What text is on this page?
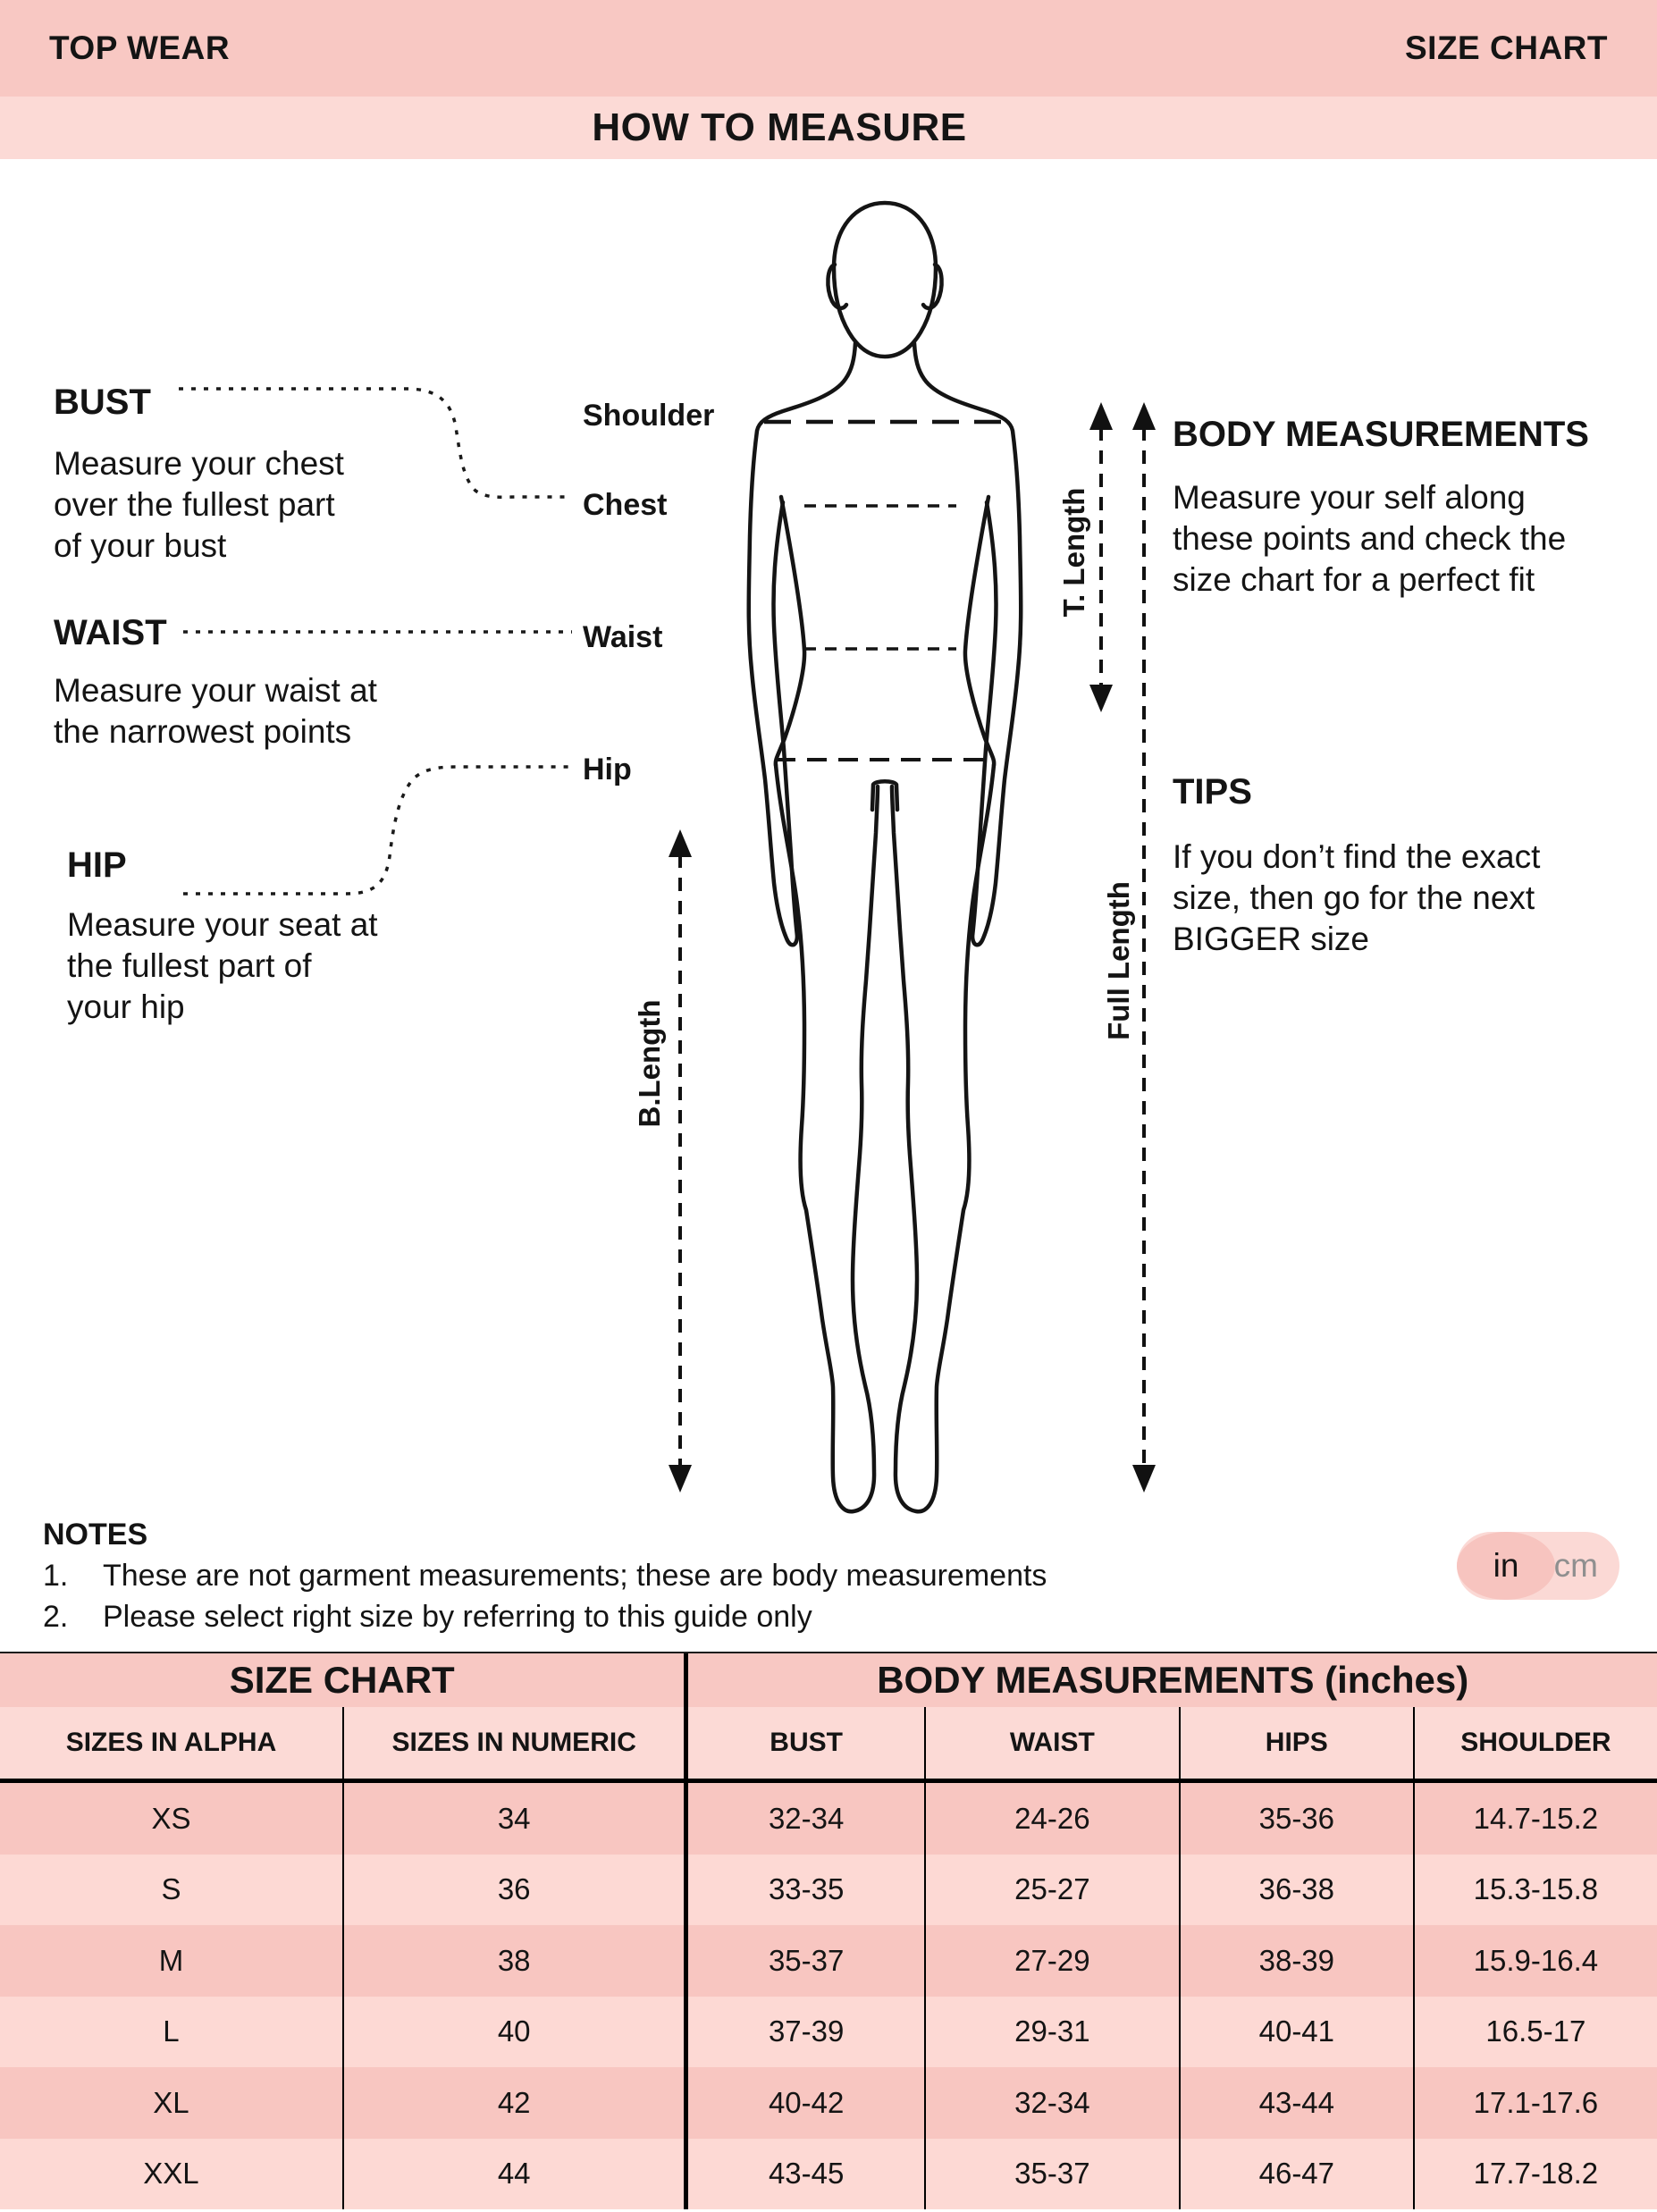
TOP WEAR	SIZE CHART
HOW TO MEASURE
BUST
Measure your chest
over the fullest part
of your bust
WAIST
Measure your waist at
the narrowest points
HIP
Measure your seat at
the fullest part of
your hip
Shoulder
Chest
Waist
Hip
T. Length
Full Length
B.Length
BODY MEASUREMENTS
Measure your self along
these points and check the
size chart for a perfect fit
TIPS
If you don’t find the exact
size, then go for the next
BIGGER size
NOTES
1.	These are not garment measurements; these are body measurements
2.	Please select right size by referring to this guide only
in	cm
SIZE CHART		BODY MEASUREMENTS (inches)			
SIZES IN ALPHA	SIZES IN NUMERIC	BUST	WAIST	HIPS	SHOULDER
XS	34	32-34	24-26	35-36	14.7-15.2
S	36	33-35	25-27	36-38	15.3-15.8
M	38	35-37	27-29	38-39	15.9-16.4
L	40	37-39	29-31	40-41	16.5-17
XL	42	40-42	32-34	43-44	17.1-17.6
XXL	44	43-45	35-37	46-47	17.7-18.2
